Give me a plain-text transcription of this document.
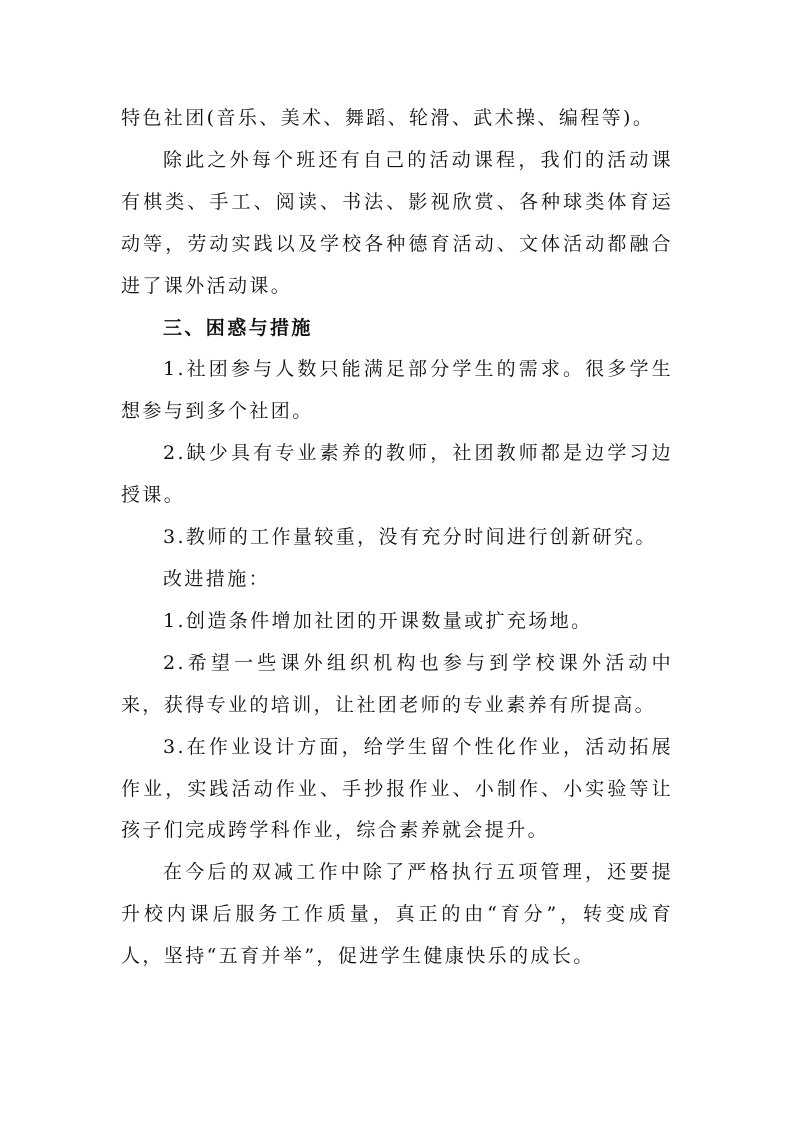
特色社团(音乐、美术、舞蹈、轮滑、武术操、编程等)。

除此之外每个班还有自己的活动课程，我们的活动课有棋类、手工、阅读、书法、影视欣赏、各种球类体育运动等，劳动实践以及学校各种德育活动、文体活动都融合进了课外活动课。

三、困惑与措施

1.社团参与人数只能满足部分学生的需求。很多学生想参与到多个社团。

2.缺少具有专业素养的教师，社团教师都是边学习边授课。

3.教师的工作量较重，没有充分时间进行创新研究。

改进措施：

1.创造条件增加社团的开课数量或扩充场地。

2.希望一些课外组织机构也参与到学校课外活动中来，获得专业的培训，让社团老师的专业素养有所提高。

3.在作业设计方面，给学生留个性化作业，活动拓展作业，实践活动作业、手抄报作业、小制作、小实验等让孩子们完成跨学科作业，综合素养就会提升。

在今后的双减工作中除了严格执行五项管理，还要提升校内课后服务工作质量，真正的由“育分”，转变成育人，坚持“五育并举”，促进学生健康快乐的成长。
